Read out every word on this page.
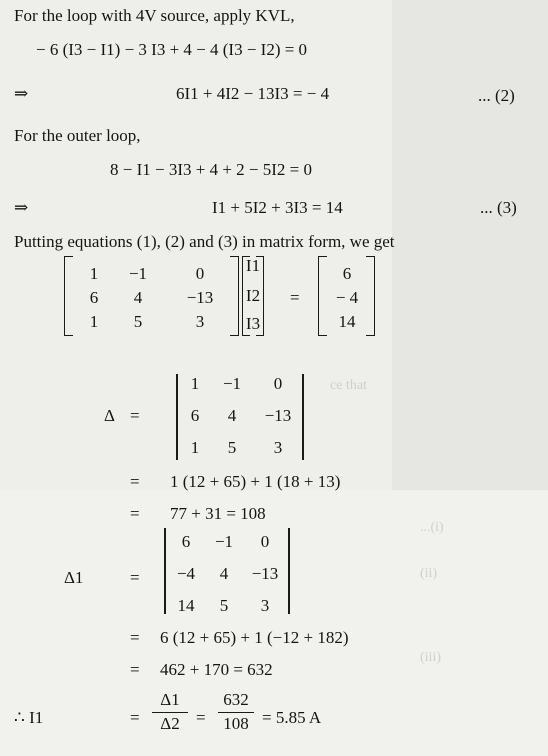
ce that
...(i)
(ii)
(iii)
For the loop with 4V source, apply KVL,
− 6 (I3 − I1) − 3 I3 + 4 − 4 (I3 − I2) = 0
⇒	6I1 + 4I2 − 13I3 = − 4	... (2)
For the outer loop,
8 − I1 − 3I3 + 4 + 2 − 5I2 = 0
⇒	I1 + 5I2 + 3I3 = 14	... (3)
Putting equations (1), (2) and (3) in matrix form, we get
1	−1	0
6	4	−13
1	5	3
I1
I2
I3
=
6
− 4
14
Δ =
1	−1	0
6	4	−13
1	5	3
= 1 (12 + 65) + 1 (18 + 13)
= 77 + 31 = 108
Δ1	=
6	−1	0
−4	4	−13
14	5	3
= 6 (12 + 65) + 1 (−12 + 182)
= 462 + 170 = 632
∴ I1	=
Δ1
Δ2 =
632
108 = 5.85 A
